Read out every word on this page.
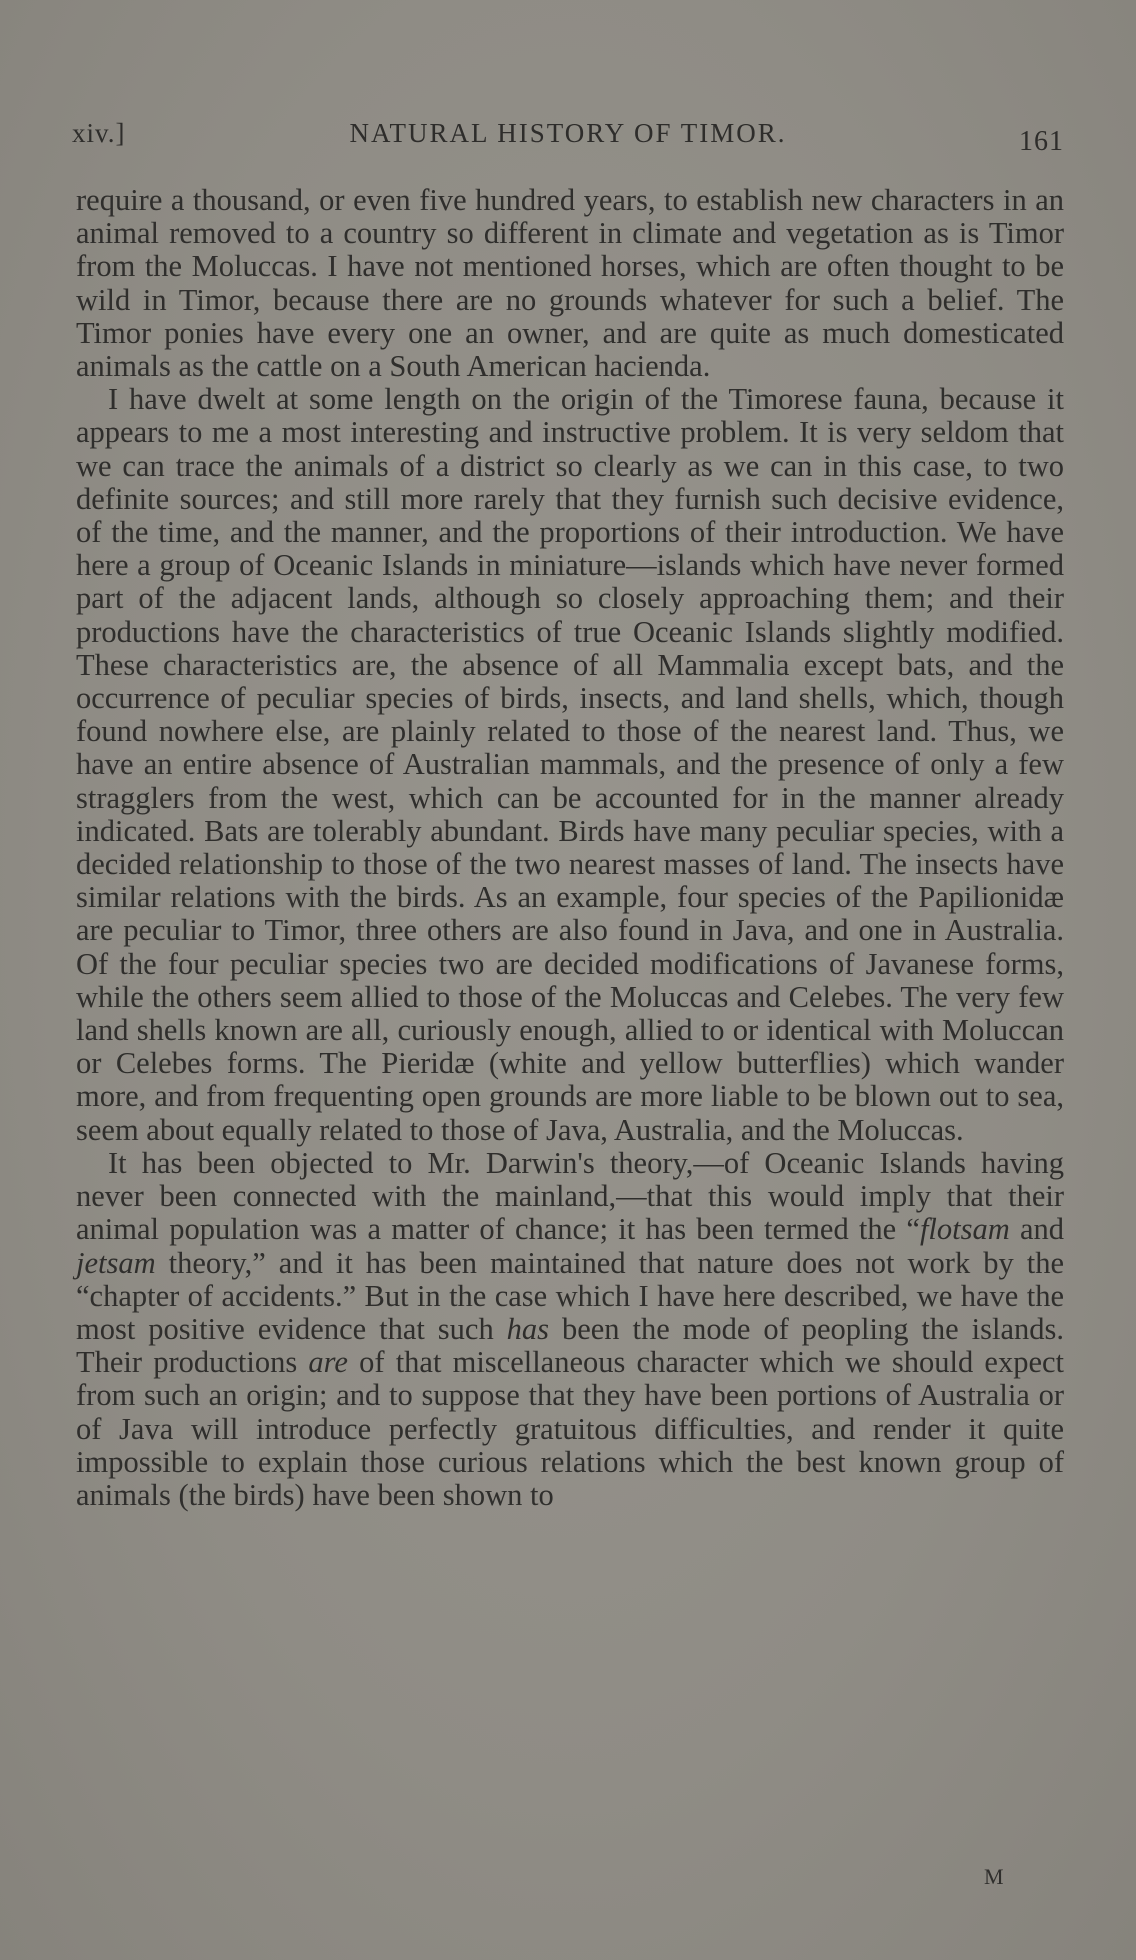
xiv.]	NATURAL HISTORY OF TIMOR.	161

require a thousand, or even five hundred years, to establish new characters in an animal removed to a country so different in climate and vegetation as is Timor from the Moluccas. I have not mentioned horses, which are often thought to be wild in Timor, because there are no grounds whatever for such a belief. The Timor ponies have every one an owner, and are quite as much domesticated animals as the cattle on a South American hacienda.

I have dwelt at some length on the origin of the Timorese fauna, because it appears to me a most interesting and instructive problem. It is very seldom that we can trace the animals of a district so clearly as we can in this case, to two definite sources; and still more rarely that they furnish such decisive evidence, of the time, and the manner, and the proportions of their introduction. We have here a group of Oceanic Islands in miniature—islands which have never formed part of the adjacent lands, although so closely approaching them; and their productions have the characteristics of true Oceanic Islands slightly modified. These characteristics are, the absence of all Mammalia except bats, and the occurrence of peculiar species of birds, insects, and land shells, which, though found nowhere else, are plainly related to those of the nearest land. Thus, we have an entire absence of Australian mammals, and the presence of only a few stragglers from the west, which can be accounted for in the manner already indicated. Bats are tolerably abundant. Birds have many peculiar species, with a decided relationship to those of the two nearest masses of land. The insects have similar relations with the birds. As an example, four species of the Papilionidæ are peculiar to Timor, three others are also found in Java, and one in Australia. Of the four peculiar species two are decided modifications of Javanese forms, while the others seem allied to those of the Moluccas and Celebes. The very few land shells known are all, curiously enough, allied to or identical with Moluccan or Celebes forms. The Pieridæ (white and yellow butterflies) which wander more, and from frequenting open grounds are more liable to be blown out to sea, seem about equally related to those of Java, Australia, and the Moluccas.

It has been objected to Mr. Darwin's theory,—of Oceanic Islands having never been connected with the mainland,—that this would imply that their animal population was a matter of chance; it has been termed the “flotsam and jetsam theory,” and it has been maintained that nature does not work by the “chapter of accidents.” But in the case which I have here described, we have the most positive evidence that such has been the mode of peopling the islands. Their productions are of that miscellaneous character which we should expect from such an origin; and to suppose that they have been portions of Australia or of Java will introduce perfectly gratuitous difficulties, and render it quite impossible to explain those curious relations which the best known group of animals (the birds) have been shown to

M
